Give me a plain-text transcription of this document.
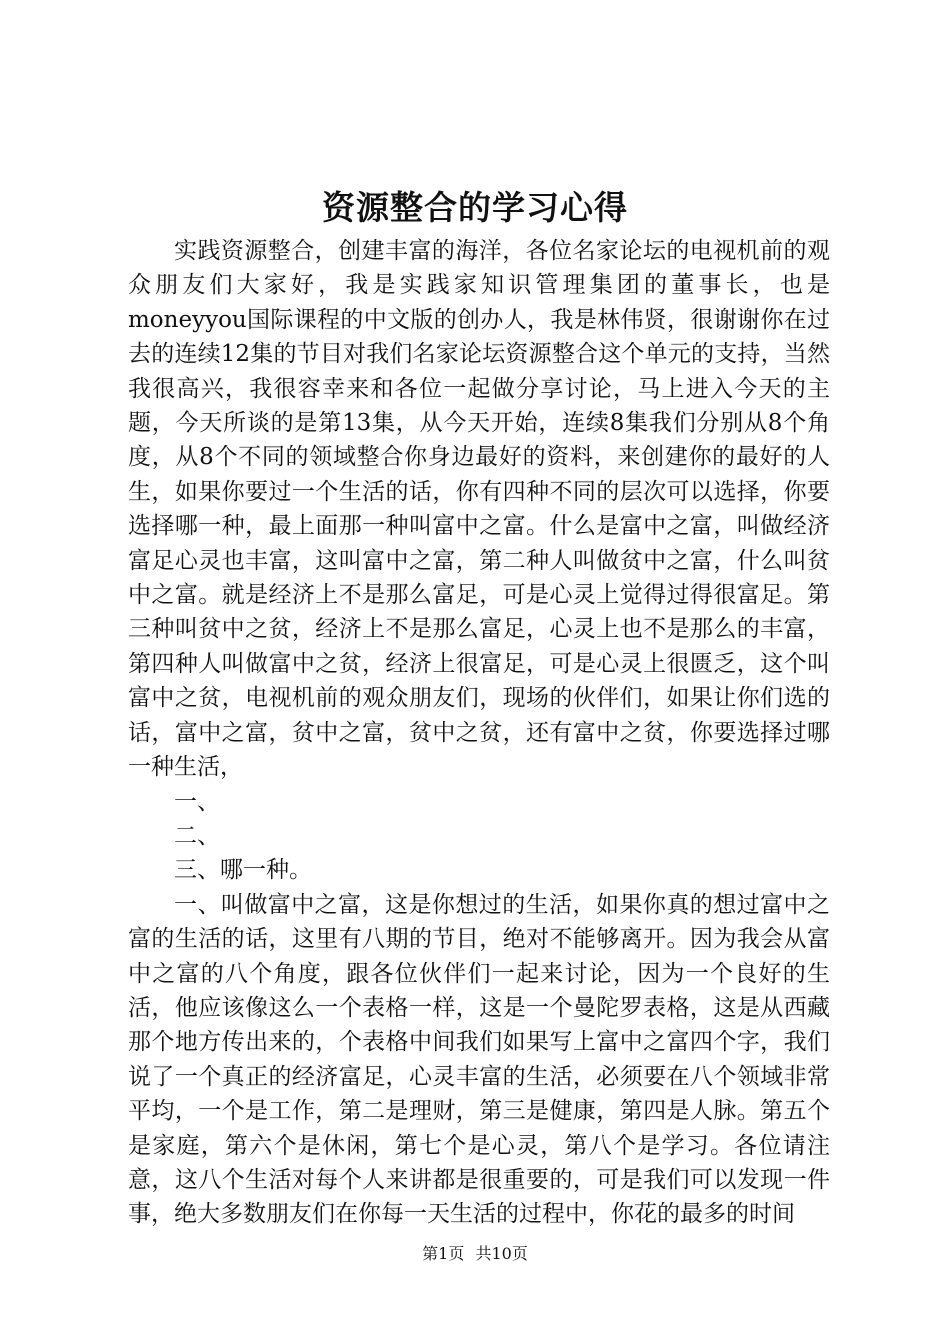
资源整合的学习心得

实践资源整合，创建丰富的海洋，各位名家论坛的电视机前的观众朋友们大家好，我是实践家知识管理集团的董事长，也是moneyyou国际课程的中文版的创办人，我是林伟贤，很谢谢你在过去的连续12集的节目对我们名家论坛资源整合这个单元的支持，当然我很高兴，我很容幸来和各位一起做分享讨论，马上进入今天的主题，今天所谈的是第13集，从今天开始，连续8集我们分别从8个角度，从8个不同的领域整合你身边最好的资料，来创建你的最好的人生，如果你要过一个生活的话，你有四种不同的层次可以选择，你要选择哪一种，最上面那一种叫富中之富。什么是富中之富，叫做经济富足心灵也丰富，这叫富中之富，第二种人叫做贫中之富，什么叫贫中之富。就是经济上不是那么富足，可是心灵上觉得过得很富足。第三种叫贫中之贫，经济上不是那么富足，心灵上也不是那么的丰富，第四种人叫做富中之贫，经济上很富足，可是心灵上很匮乏，这个叫富中之贫，电视机前的观众朋友们，现场的伙伴们，如果让你们选的话，富中之富，贫中之富，贫中之贫，还有富中之贫，你要选择过哪一种生活，

一、

二、

三、哪一种。

一、叫做富中之富，这是你想过的生活，如果你真的想过富中之富的生活的话，这里有八期的节目，绝对不能够离开。因为我会从富中之富的八个角度，跟各位伙伴们一起来讨论，因为一个良好的生活，他应该像这么一个表格一样，这是一个曼陀罗表格，这是从西藏那个地方传出来的，个表格中间我们如果写上富中之富四个字，我们说了一个真正的经济富足，心灵丰富的生活，必须要在八个领域非常平均，一个是工作，第二是理财，第三是健康，第四是人脉。第五个是家庭，第六个是休闲，第七个是心灵，第八个是学习。各位请注意，这八个生活对每个人来讲都是很重要的，可是我们可以发现一件事，绝大多数朋友们在你每一天生活的过程中，你花的最多的时间

第1页 共10页
